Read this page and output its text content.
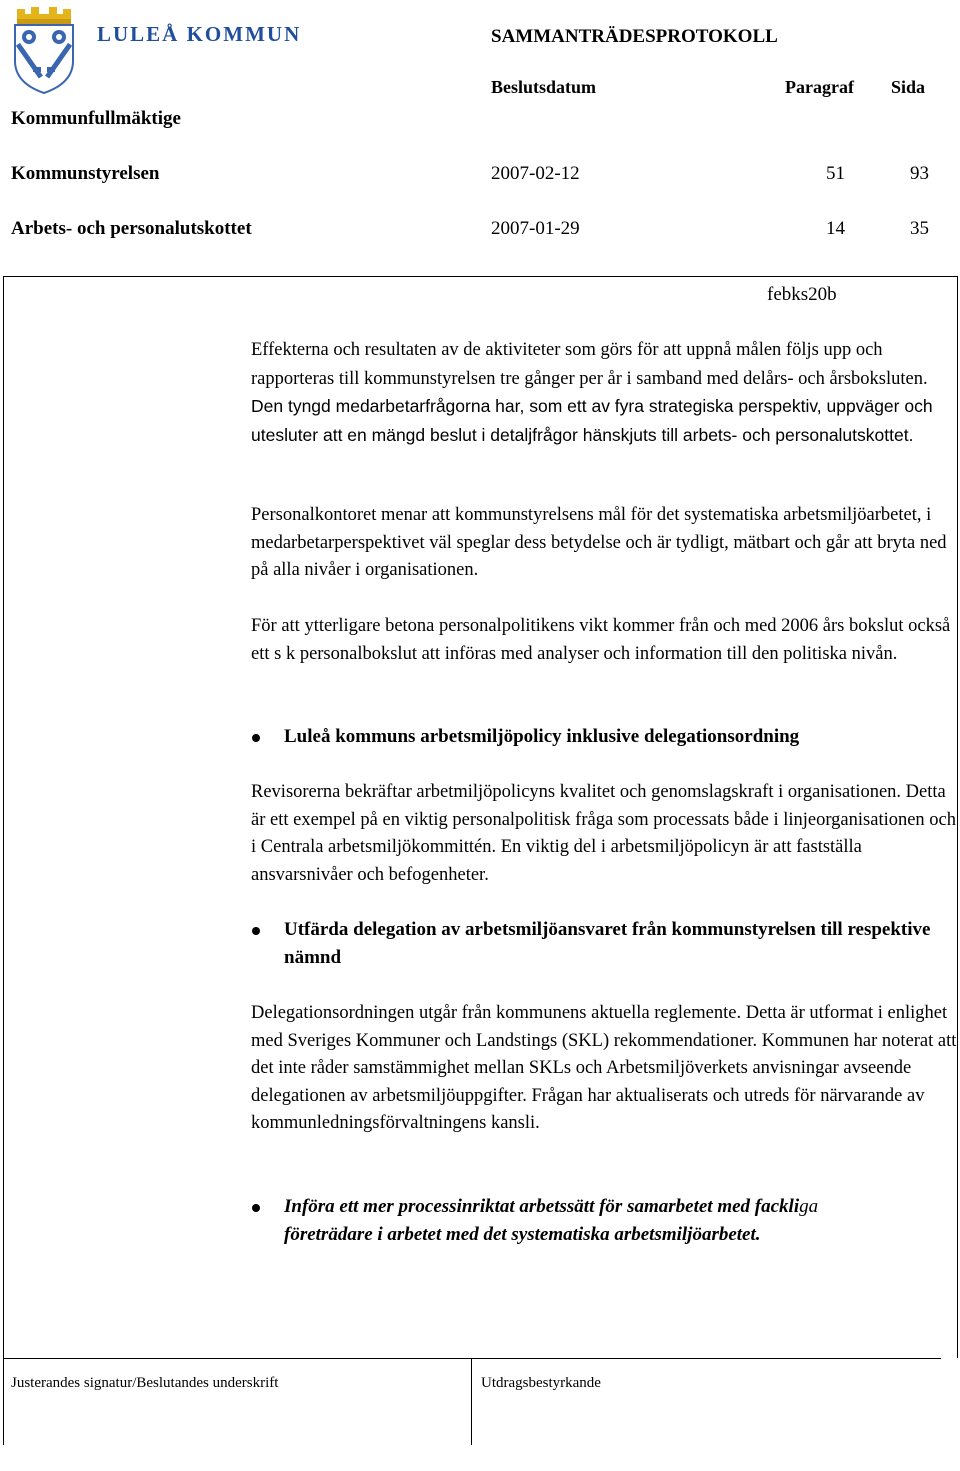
LULEÅ KOMMUN	SAMMANTRÄDESPROTOKOLL
Beslutsdatum	Paragraf Sida
Kommunfullmäktige
Kommunstyrelsen	2007-02-12	51	93
Arbets- och personalutskottet	2007-01-29	14	35
febks20b

Effekterna och resultaten av de aktiviteter som görs för att uppnå målen följs upp och rapporteras till kommunstyrelsen tre gånger per år i samband med delårs- och årsboksluten. Den tyngd medarbetarfrågorna har, som ett av fyra strategiska perspektiv, uppväger och utesluter att en mängd beslut i detaljfrågor hänskjuts till arbets- och personalutskottet.

Personalkontoret menar att kommunstyrelsens mål för det systematiska arbetsmiljöarbetet, i medarbetarperspektivet väl speglar dess betydelse och är tydligt, mätbart och går att bryta ned på alla nivåer i organisationen.

För att ytterligare betona personalpolitikens vikt kommer från och med 2006 års bokslut också ett s k personalbokslut att införas med analyser och information till den politiska nivån.

Luleå kommuns arbetsmiljöpolicy inklusive delegationsordning

Revisorerna bekräftar arbetmiljöpolicyns kvalitet och genomslagskraft i organisationen. Detta är ett exempel på en viktig personalpolitisk fråga som processats både i linjeorganisationen och i Centrala arbetsmiljökommittén. En viktig del i arbetsmiljöpolicyn är att fastställa ansvarsnivåer och befogenheter.

Utfärda delegation av arbetsmiljöansvaret från kommunstyrelsen till respektive nämnd

Delegationsordningen utgår från kommunens aktuella reglemente. Detta är utformat i enlighet med Sveriges Kommuner och Landstings (SKL) rekommendationer. Kommunen har noterat att det inte råder samstämmighet mellan SKLs och Arbetsmiljöverkets anvisningar avseende delegationen av arbetsmiljöuppgifter. Frågan har aktualiserats och utreds för närvarande av kommunledningsförvaltningens kansli.

Införa ett mer processinriktat arbetssätt för samarbetet med fackliga
företrädare i arbetet med det systematiska arbetsmiljöarbetet.

Justerandes signatur/Beslutandes underskrift	Utdragsbestyrkande
